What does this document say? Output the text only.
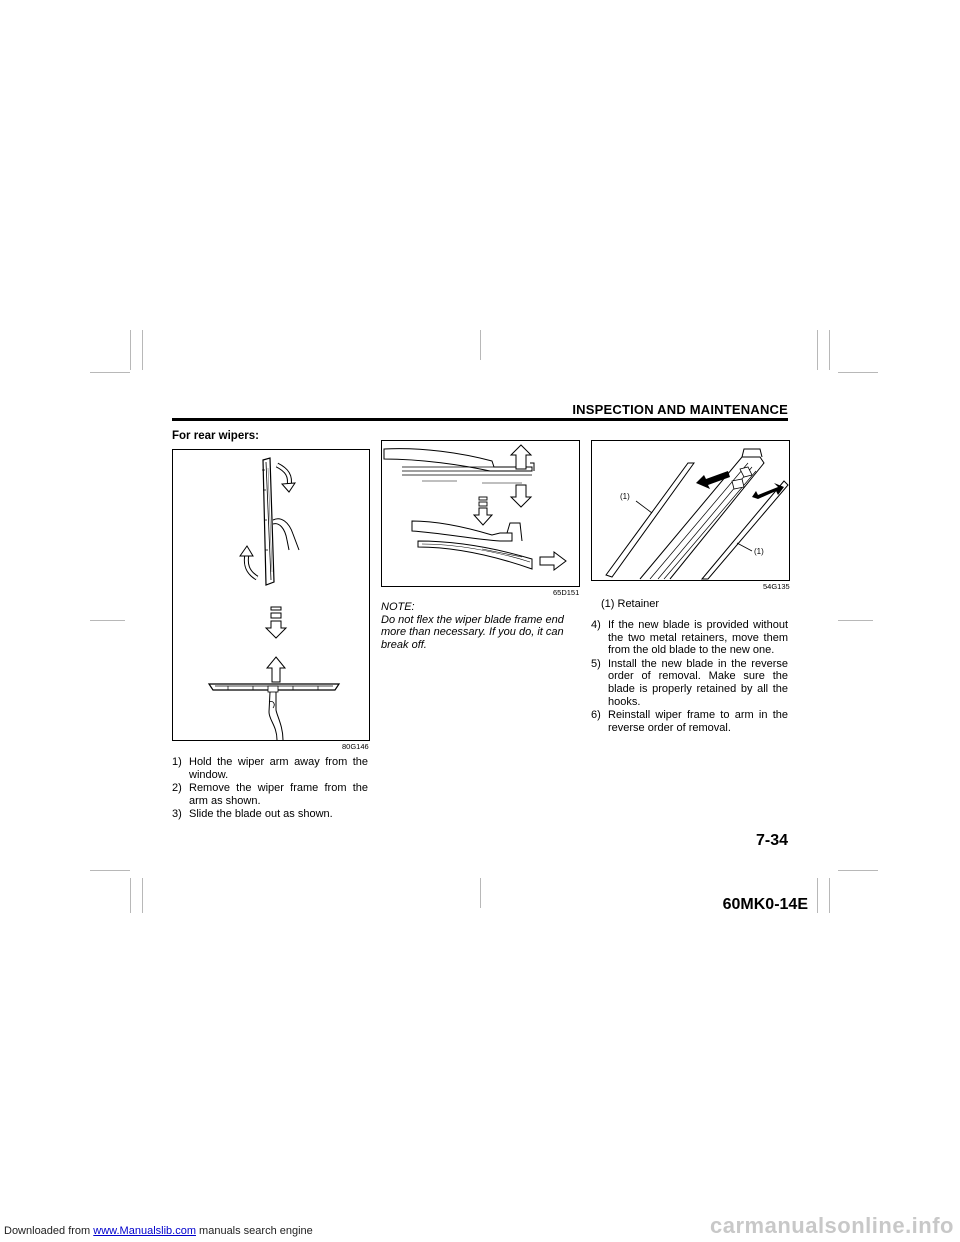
INSPECTION AND MAINTENANCE
For rear wipers:
80G146
1) Hold the wiper arm away from the window.
2) Remove the wiper frame from the arm as shown.
3) Slide the blade out as shown.
65D151
NOTE:
Do not flex the wiper blade frame end more than necessary. If you do, it can break off.
(1)
(1)
54G135
(1) Retainer
4) If the new blade is provided without the two metal retainers, move them from the old blade to the new one.
5) Install the new blade in the reverse order of removal. Make sure the blade is properly retained by all the hooks.
6) Reinstall wiper frame to arm in the reverse order of removal.
7-34
60MK0-14E
Downloaded from www.Manualslib.com manuals search engine	carmanualsonline.info
